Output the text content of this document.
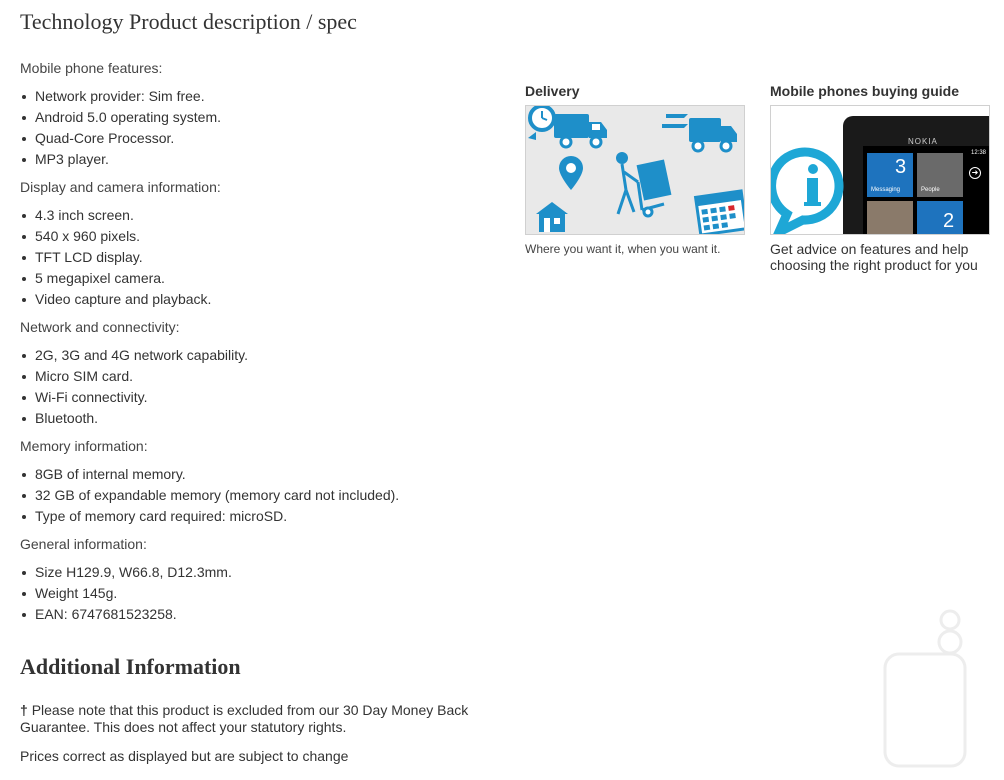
Technology Product description / spec
Mobile phone features:
Network provider: Sim free.
Android 5.0 operating system.
Quad-Core Processor.
MP3 player.
Display and camera information:
4.3 inch screen.
540 x 960 pixels.
TFT LCD display.
5 megapixel camera.
Video capture and playback.
Network and connectivity:
2G, 3G and 4G network capability.
Micro SIM card.
Wi-Fi connectivity.
Bluetooth.
Memory information:
8GB of internal memory.
32 GB of expandable memory (memory card not included).
Type of memory card required: microSD.
General information:
Size H129.9, W66.8, D12.3mm.
Weight 145g.
EAN: 6747681523258.
Additional Information

† Please note that this product is excluded from our 30 Day Money Back Guarantee. This does not affect your statutory rights.

Prices correct as displayed but are subject to change

Delivery
Where you want it, when you want it.
Mobile phones buying guide
NOKIA
12:38
3
Messaging	People
2
➜
Get advice on features and help choosing the right product for you
